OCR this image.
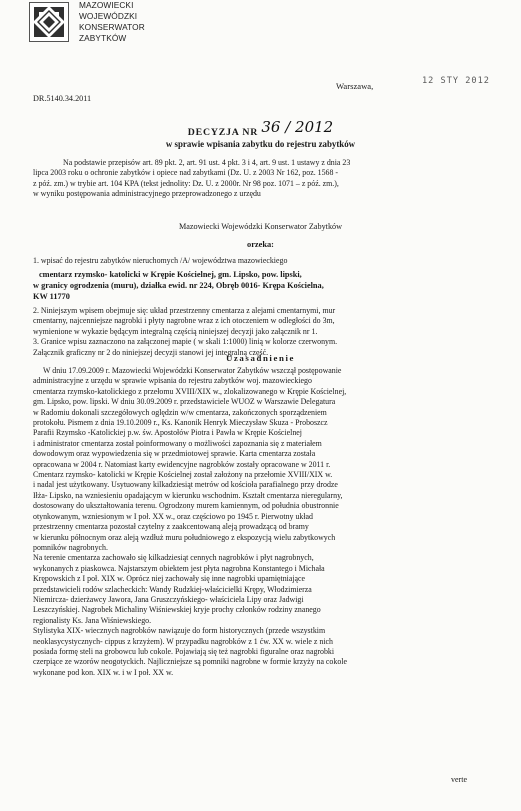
MAZOWIECKI
WOJEWÓDZKI
KONSERWATOR
ZABYTKÓW
Warszawa,	12 STY 2012
DR.5140.34.2011
DECYZJA NR 36 / 2012
w sprawie wpisania zabytku do rejestru zabytków
Na podstawie przepisów art. 89 pkt. 2, art. 91 ust. 4 pkt. 3 i 4, art. 9 ust. 1 ustawy z dnia 23
lipca 2003 roku o ochronie zabytków i opiece nad zabytkami (Dz. U. z 2003 Nr 162, poz. 1568 -
z póź. zm.) w trybie art. 104 KPA (tekst jednolity: Dz. U. z 2000r. Nr 98 poz. 1071 – z póź. zm.),
w wyniku postępowania administracyjnego przeprowadzonego z urzędu
Mazowiecki Wojewódzki Konserwator Zabytków
orzeka:
1. wpisać do rejestru zabytków nieruchomych /A/ województwa mazowieckiego
cmentarz rzymsko- katolicki w Krępie Kościelnej, gm. Lipsko, pow. lipski,
w granicy ogrodzenia (muru), działka ewid. nr 224, Obręb 0016- Krępa Kościelna,
KW 11770
2. Niniejszym wpisem obejmuje się: układ przestrzenny cmentarza z alejami cmentarnymi, mur
cmentarny, najcenniejsze nagrobki i płyty nagrobne wraz z ich otoczeniem w odległości do 3m,
wymienione w wykazie będącym integralną częścią niniejszej decyzji jako załącznik nr 1.
3. Granice wpisu zaznaczono na załączonej mapie ( w skali 1:1000) linią w kolorze czerwonym.
Załącznik graficzny nr 2 do niniejszej decyzji stanowi jej integralną część.
Uzasadnienie
W dniu 17.09.2009 r. Mazowiecki Wojewódzki Konserwator Zabytków wszczął postępowanie
administracyjne z urzędu w sprawie wpisania do rejestru zabytków woj. mazowieckiego
cmentarza rzymsko-katolickiego z przełomu XVIII/XIX w., zlokalizowanego w Krępie Kościelnej,
gm. Lipsko, pow. lipski. W dniu 30.09.2009 r. przedstawiciele WUOZ w Warszawie Delegatura
w Radomiu dokonali szczegółowych oględzin w/w cmentarza, zakończonych sporządzeniem
protokołu. Pismem z dnia 19.10.2009 r., Ks. Kanonik Henryk Mieczysław Skuza - Proboszcz
Parafii Rzymsko -Katolickiej p.w. św. Apostołów Piotra i Pawła w Krępie Kościelnej
i administrator cmentarza został poinformowany o możliwości zapoznania się z materiałem
dowodowym oraz wypowiedzenia się w przedmiotowej sprawie. Karta cmentarza została
opracowana w 2004 r. Natomiast karty ewidencyjne nagrobków zostały opracowane w 2011 r.
Cmentarz rzymsko- katolicki w Krępie Kościelnej został założony na przełomie XVIII/XIX w.
i nadal jest użytkowany. Usytuowany kilkadziesiąt metrów od kościoła parafialnego przy drodze
Iłża- Lipsko, na wzniesieniu opadającym w kierunku wschodnim. Kształt cmentarza nieregularny,
dostosowany do ukształtowania terenu. Ogrodzony murem kamiennym, od południa obustronnie
otynkowanym, wzniesionym w I poł. XX w., oraz częściowo po 1945 r. Pierwotny układ
przestrzenny cmentarza pozostał czytelny z zaakcentowaną aleją prowadzącą od bramy
w kierunku północnym oraz aleją wzdłuż muru południowego z ekspozycją wielu zabytkowych
pomników nagrobnych.
Na terenie cmentarza zachowało się kilkadziesiąt cennych nagrobków i płyt nagrobnych,
wykonanych z piaskowca. Najstarszym obiektem jest płyta nagrobna Konstantego i Michała
Krępowskich z I poł. XIX w. Oprócz niej zachowały się inne nagrobki upamiętniające
przedstawicieli rodów szlacheckich: Wandy Rudzkiej-właścicielki Krępy, Włodzimierza
Niemircza- dzierżawcy Jawora, Jana Gruszczyńskiego- właściciela Lipy oraz Jadwigi
Leszczyńskiej. Nagrobek Michaliny Wiśniewskiej kryje prochy członków rodziny znanego
regionalisty Ks. Jana Wiśniewskiego.
Stylistyka XIX- wiecznych nagrobków nawiązuje do form historycznych (przede wszystkim
neoklasycystycznych- cippus z krzyżem). W przypadku nagrobków z 1 ćw. XX w. wiele z nich
posiada formę steli na grobowcu lub cokole. Pojawiają się też nagrobki figuralne oraz nagrobki
czerpiące ze wzorów neogotyckich. Najliczniejsze są pomniki nagrobne w formie krzyży na cokole
wykonane pod kon. XIX w. i w I poł. XX w.
verte
